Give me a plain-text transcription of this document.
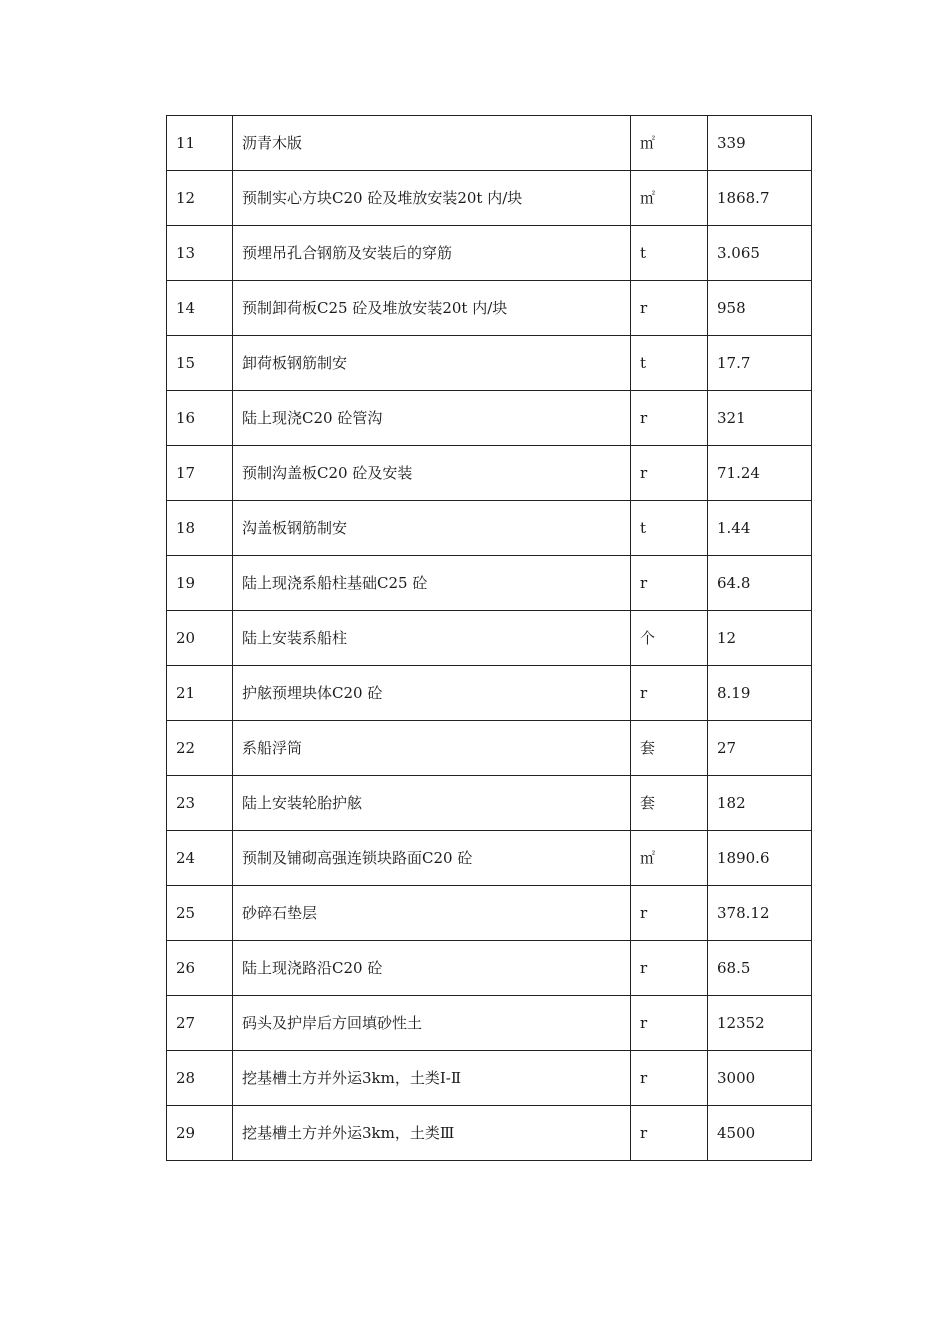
11	沥青木版	㎡	339
12	预制实心方块C20 砼及堆放安装20t 内/块	㎡	1868.7
13	预埋吊孔合钢筋及安装后的穿筋	t	3.065
14	预制卸荷板C25 砼及堆放安装20t 内/块	r	958
15	卸荷板钢筋制安	t	17.7
16	陆上现浇C20 砼管沟	r	321
17	预制沟盖板C20 砼及安装	r	71.24
18	沟盖板钢筋制安	t	1.44
19	陆上现浇系船柱基础C25 砼	r	64.8
20	陆上安装系船柱	个	12
21	护舷预埋块体C20 砼	r	8.19
22	系船浮筒	套	27
23	陆上安装轮胎护舷	套	182
24	预制及铺砌高强连锁块路面C20 砼	㎡	1890.6
25	砂碎石垫层	r	378.12
26	陆上现浇路沿C20 砼	r	68.5
27	码头及护岸后方回填砂性土	r	12352
28	挖基槽土方并外运3km，土类Ⅰ-Ⅱ	r	3000
29	挖基槽土方并外运3km，土类Ⅲ	r	4500
